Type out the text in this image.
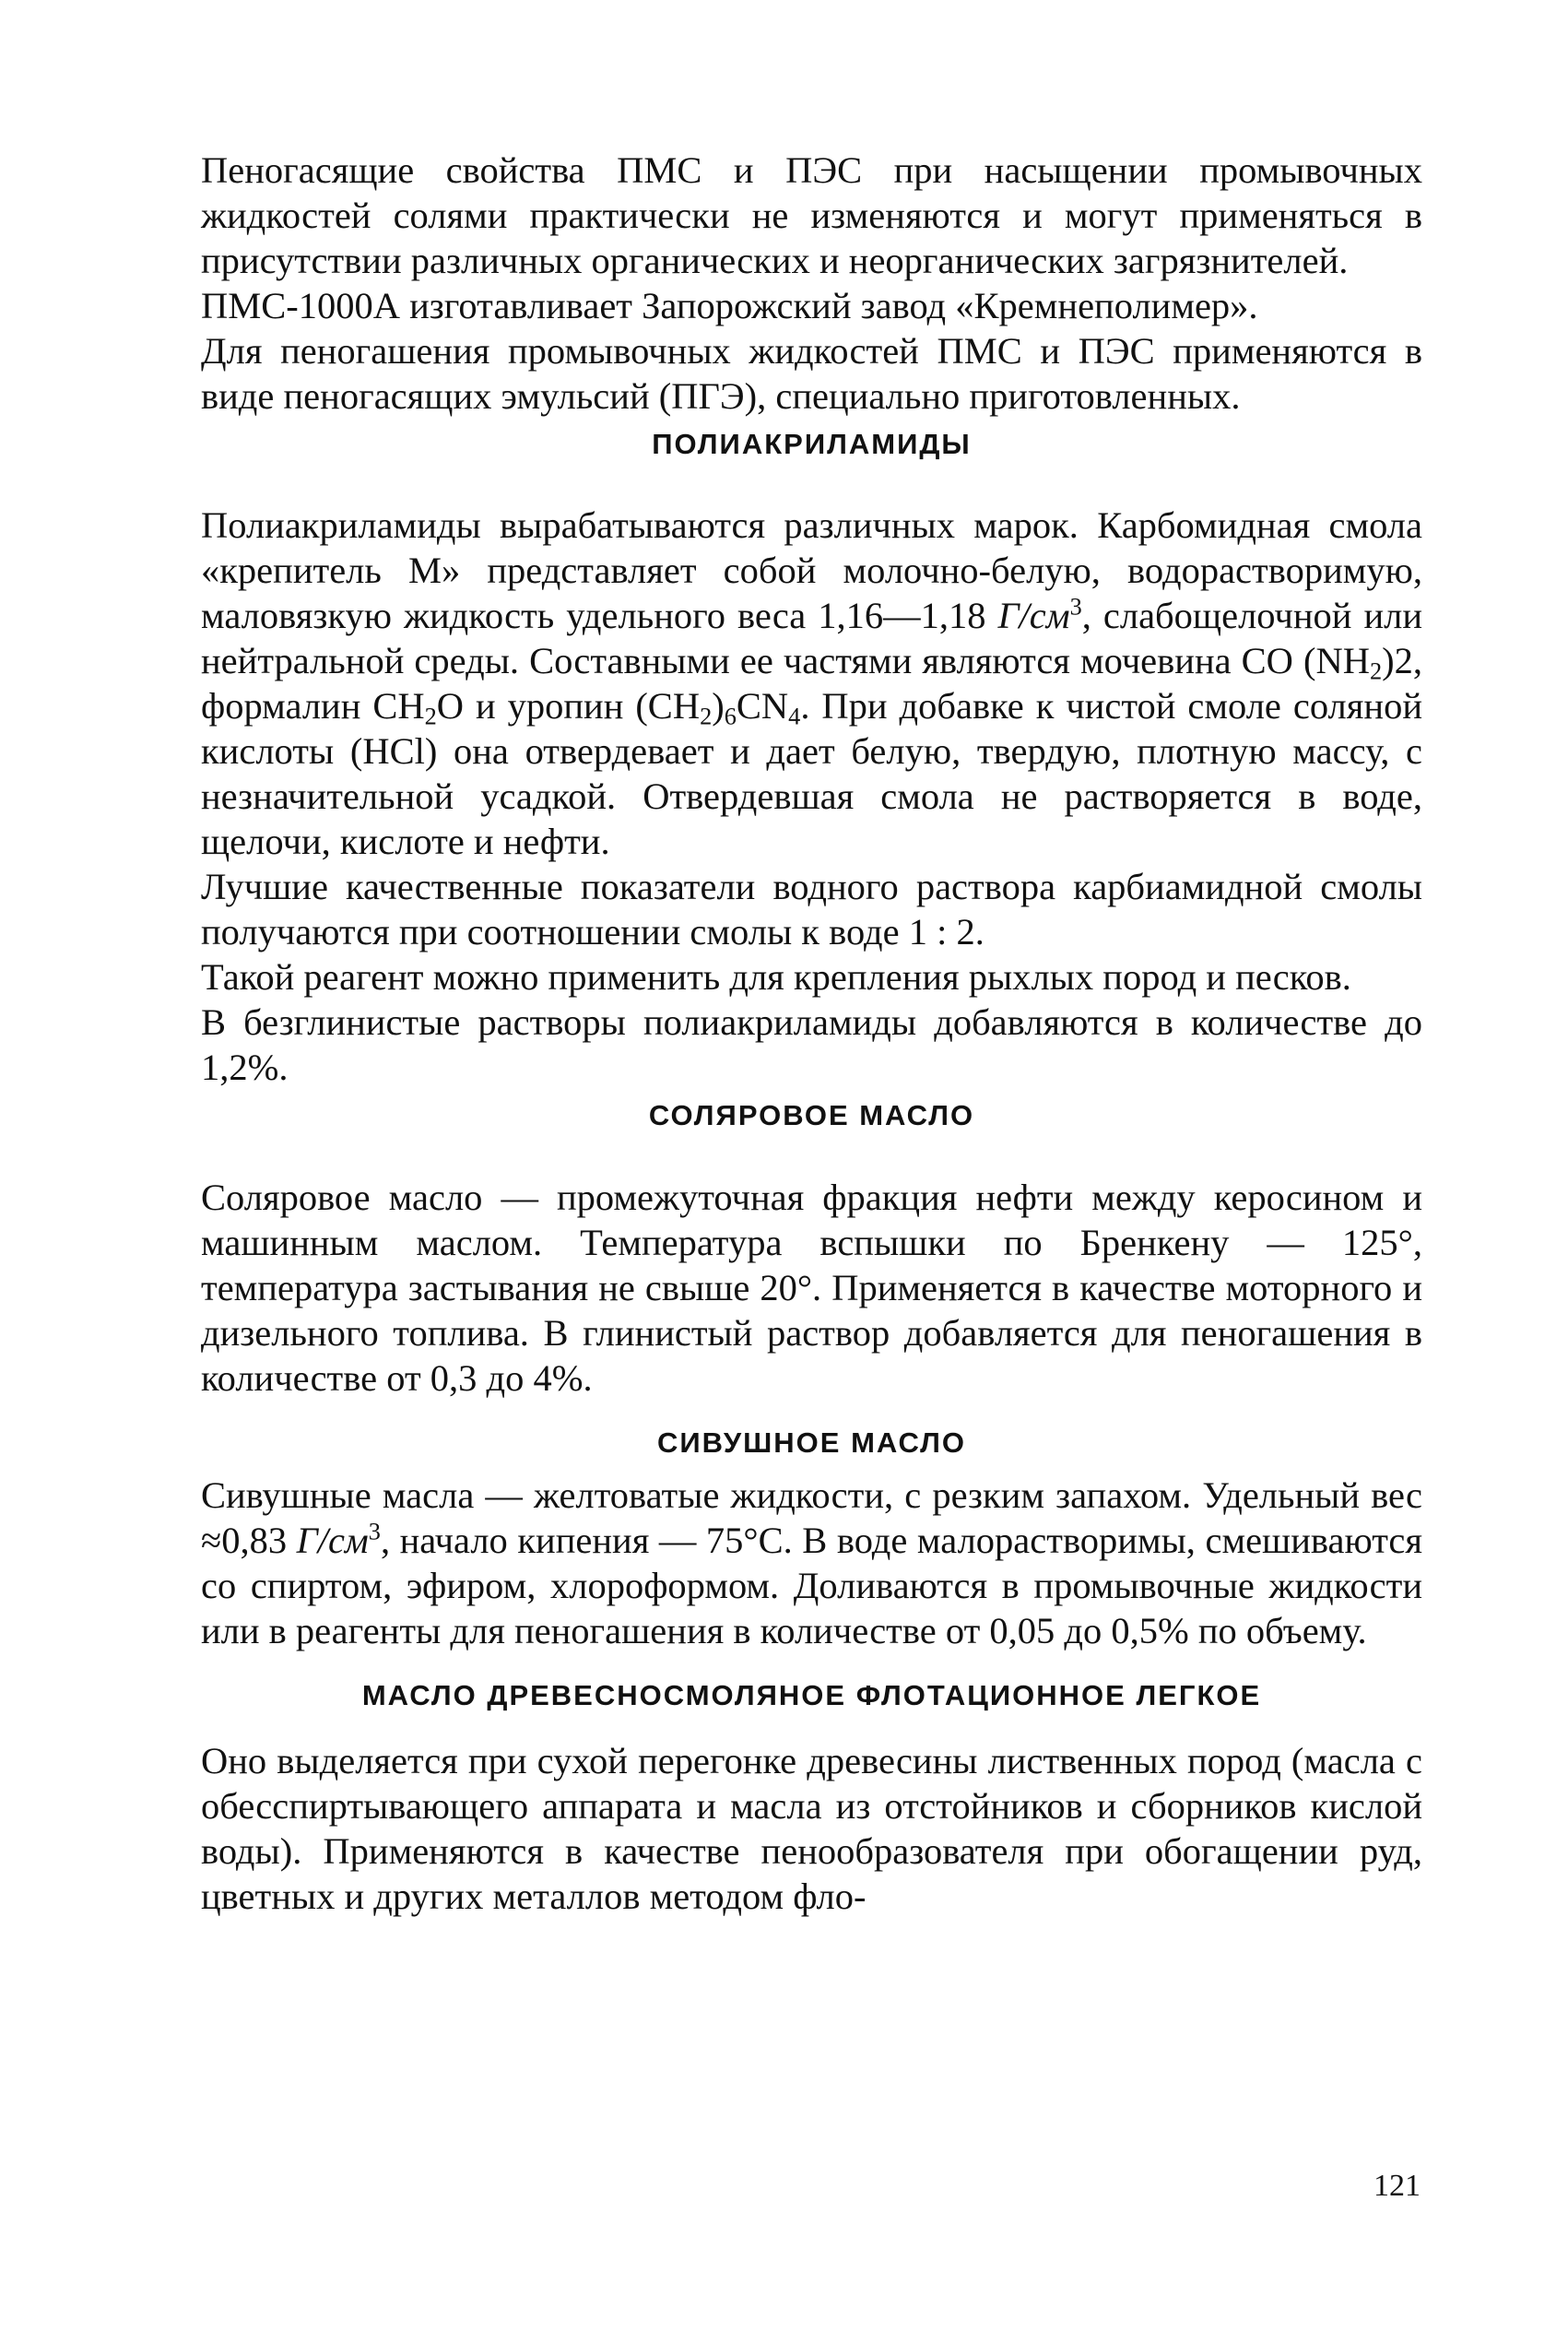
Пеногасящие свойства ПМС и ПЭС при насыщении промывочных жидкостей солями практически не изменяются и могут применяться в присутствии различных органических и неорганических загрязнителей.

ПМС-1000А изготавливает Запорожский завод «Кремнеполимер».

Для пеногашения промывочных жидкостей ПМС и ПЭС применяются в виде пеногасящих эмульсий (ПГЭ), специально приготовленных.

ПОЛИАКРИЛАМИДЫ

Полиакриламиды вырабатываются различных марок. Карбомидная смола «крепитель М» представляет собой молочно-белую, водорастворимую, маловязкую жидкость удельного веса 1,16—1,18 $Г/см^3$, слабощелочной или нейтральной среды. Составными ее частями являются мочевина CO $(NH_2)2$, формалин $CH_2O$ и уропин $(CH_2)_6CN_4$. При добавке к чистой смоле соляной кислоты (HCl) она отвердевает и дает белую, твердую, плотную массу, с незначительной усадкой. Отвердевшая смола не растворяется в воде, щелочи, кислоте и нефти.

Лучшие качественные показатели водного раствора карбиамидной смолы получаются при соотношении смолы к воде 1 : 2.

Такой реагент можно применить для крепления рыхлых пород и песков.

В безглинистые растворы полиакриламиды добавляются в количестве до 1,2%.

СОЛЯРОВОЕ МАСЛО

Соляровое масло — промежуточная фракция нефти между керосином и машинным маслом. Температура вспышки по Бренкену — 125°, температура застывания не свыше 20°. Применяется в качестве моторного и дизельного топлива. В глинистый раствор добавляется для пеногашения в количестве от 0,3 до 4%.

СИВУШНОЕ МАСЛО

Сивушные масла — желтоватые жидкости, с резким запахом. Удельный вес ≈0,83 $Г/см^3$, начало кипения — 75°С. В воде малорастворимы, смешиваются со спиртом, эфиром, хлороформом. Доливаются в промывочные жидкости или в реагенты для пеногашения в количестве от 0,05 до 0,5% по объему.

МАСЛО ДРЕВЕСНОСМОЛЯНОЕ ФЛОТАЦИОННОЕ ЛЕГКОЕ

Оно выделяется при сухой перегонке древесины лиственных пород (масла с обесспиртывающего аппарата и масла из отстойников и сборников кислой воды). Применяются в качестве пенообразователя при обогащении руд, цветных и других металлов методом фло-

121
